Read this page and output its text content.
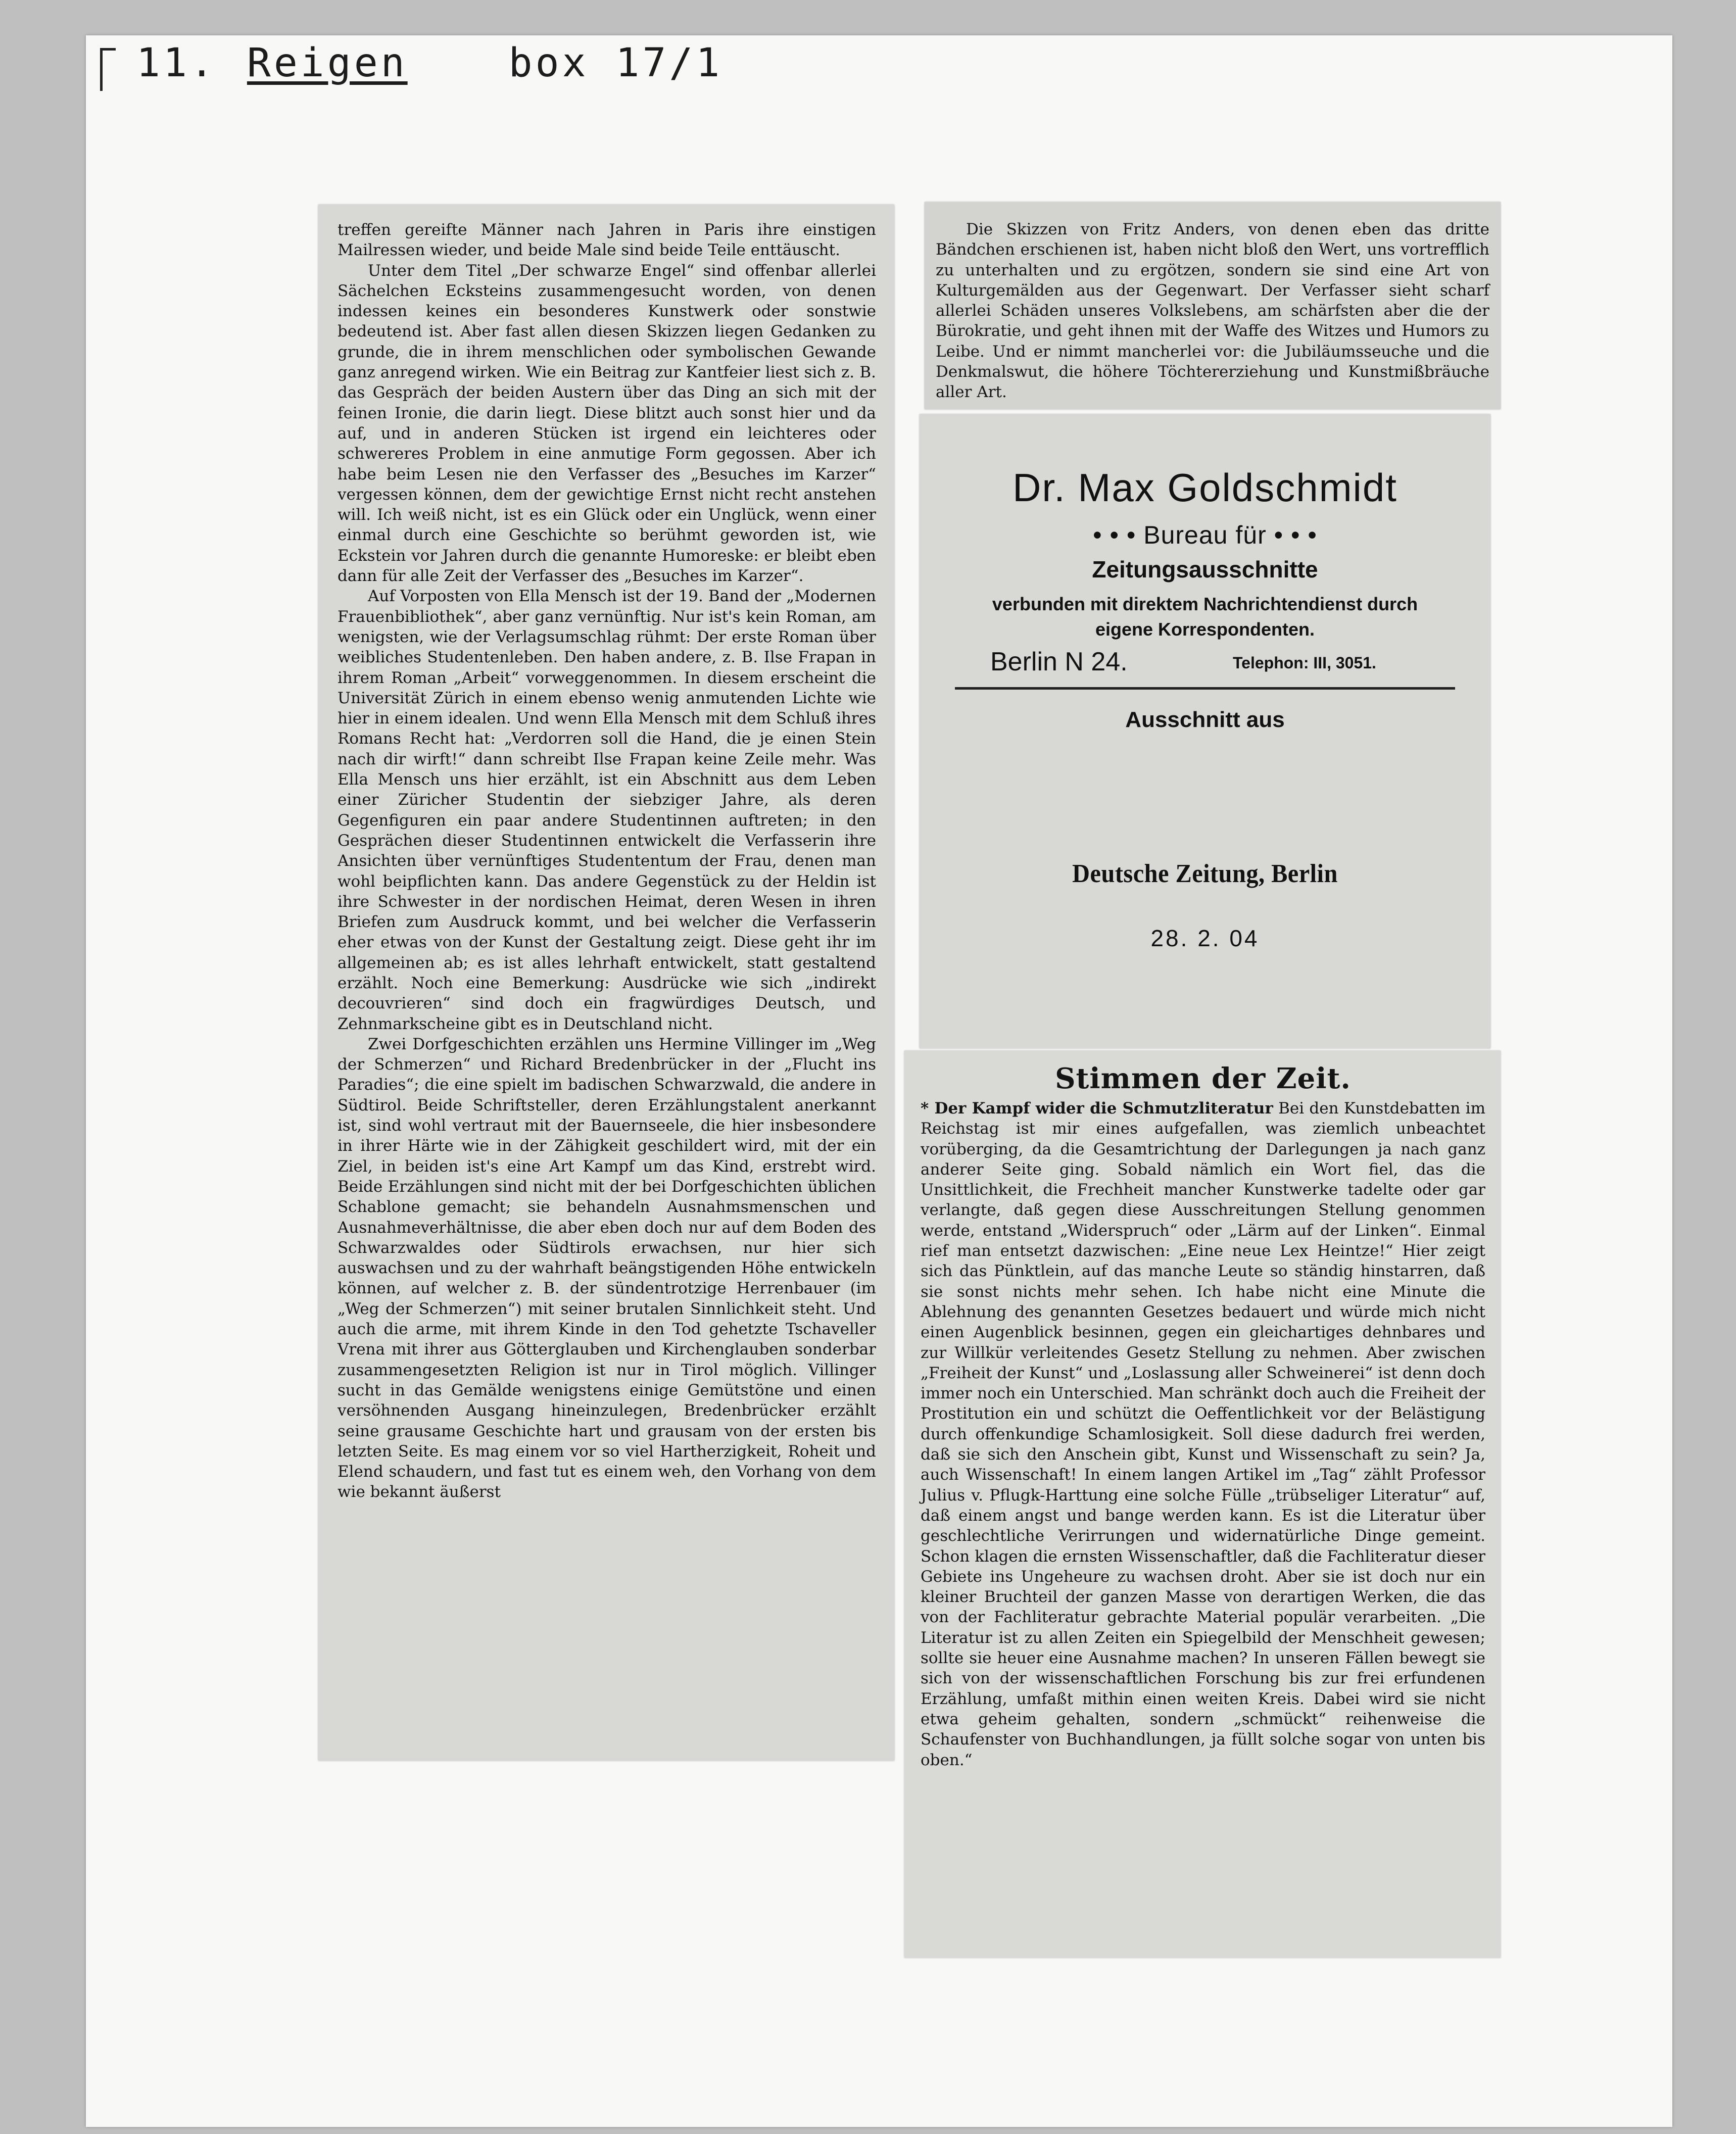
11. Reigen	box 17/1

treffen gereifte Männer nach Jahren in Paris ihre einstigen Mailressen wieder, und beide Male sind beide Teile enttäuscht.

Unter dem Titel „Der schwarze Engel“ sind offenbar allerlei Sächelchen Ecksteins zusammengesucht worden, von denen indessen keines ein besonderes Kunstwerk oder sonstwie bedeutend ist. Aber fast allen diesen Skizzen liegen Gedanken zu grunde, die in ihrem menschlichen oder symbolischen Gewande ganz anregend wirken. Wie ein Beitrag zur Kantfeier liest sich z. B. das Gespräch der beiden Austern über das Ding an sich mit der feinen Ironie, die darin liegt. Diese blitzt auch sonst hier und da auf, und in anderen Stücken ist irgend ein leichteres oder schwereres Problem in eine anmutige Form gegossen. Aber ich habe beim Lesen nie den Verfasser des „Besuches im Karzer“ vergessen können, dem der gewichtige Ernst nicht recht anstehen will. Ich weiß nicht, ist es ein Glück oder ein Unglück, wenn einer einmal durch eine Geschichte so berühmt geworden ist, wie Eckstein vor Jahren durch die genannte Humoreske: er bleibt eben dann für alle Zeit der Verfasser des „Besuches im Karzer“.

Auf Vorposten von Ella Mensch ist der 19. Band der „Modernen Frauenbibliothek“, aber ganz vernünftig. Nur ist's kein Roman, am wenigsten, wie der Verlagsumschlag rühmt: Der erste Roman über weibliches Studentenleben. Den haben andere, z. B. Ilse Frapan in ihrem Roman „Arbeit“ vorweggenommen. In diesem erscheint die Universität Zürich in einem ebenso wenig anmutenden Lichte wie hier in einem idealen. Und wenn Ella Mensch mit dem Schluß ihres Romans Recht hat: „Verdorren soll die Hand, die je einen Stein nach dir wirft!“ dann schreibt Ilse Frapan keine Zeile mehr. Was Ella Mensch uns hier erzählt, ist ein Abschnitt aus dem Leben einer Züricher Studentin der siebziger Jahre, als deren Gegenfiguren ein paar andere Studentinnen auftreten; in den Gesprächen dieser Studentinnen entwickelt die Verfasserin ihre Ansichten über vernünftiges Studententum der Frau, denen man wohl beipflichten kann. Das andere Gegenstück zu der Heldin ist ihre Schwester in der nordischen Heimat, deren Wesen in ihren Briefen zum Ausdruck kommt, und bei welcher die Verfasserin eher etwas von der Kunst der Gestaltung zeigt. Diese geht ihr im allgemeinen ab; es ist alles lehrhaft entwickelt, statt gestaltend erzählt. Noch eine Bemerkung: Ausdrücke wie sich „indirekt decouvrieren“ sind doch ein fragwürdiges Deutsch, und Zehnmarkscheine gibt es in Deutschland nicht.

Zwei Dorfgeschichten erzählen uns Hermine Villinger im „Weg der Schmerzen“ und Richard Bredenbrücker in der „Flucht ins Paradies“; die eine spielt im badischen Schwarzwald, die andere in Südtirol. Beide Schriftsteller, deren Erzählungstalent anerkannt ist, sind wohl vertraut mit der Bauernseele, die hier insbesondere in ihrer Härte wie in der Zähigkeit geschildert wird, mit der ein Ziel, in beiden ist's eine Art Kampf um das Kind, erstrebt wird. Beide Erzählungen sind nicht mit der bei Dorfgeschichten üblichen Schablone gemacht; sie behandeln Ausnahmsmenschen und Ausnahmeverhältnisse, die aber eben doch nur auf dem Boden des Schwarzwaldes oder Südtirols erwachsen, nur hier sich auswachsen und zu der wahrhaft beängstigenden Höhe entwickeln können, auf welcher z. B. der sündentrotzige Herrenbauer (im „Weg der Schmerzen“) mit seiner brutalen Sinnlichkeit steht. Und auch die arme, mit ihrem Kinde in den Tod gehetzte Tschaveller Vrena mit ihrer aus Götterglauben und Kirchenglauben sonderbar zusammengesetzten Religion ist nur in Tirol möglich. Villinger sucht in das Gemälde wenigstens einige Gemütstöne und einen versöhnenden Ausgang hineinzulegen, Bredenbrücker erzählt seine grausame Geschichte hart und grausam von der ersten bis letzten Seite. Es mag einem vor so viel Hartherzigkeit, Roheit und Elend schaudern, und fast tut es einem weh, den Vorhang von dem wie bekannt äußerst

Die Skizzen von Fritz Anders, von denen eben das dritte Bändchen erschienen ist, haben nicht bloß den Wert, uns vortrefflich zu unterhalten und zu ergötzen, sondern sie sind eine Art von Kulturgemälden aus der Gegenwart. Der Verfasser sieht scharf allerlei Schäden unseres Volkslebens, am schärfsten aber die der Bürokratie, und geht ihnen mit der Waffe des Witzes und Humors zu Leibe. Und er nimmt mancherlei vor: die Jubiläumsseuche und die Denkmalswut, die höhere Töchtererziehung und Kunstmißbräuche aller Art.

Dr. Max Goldschmidt
• • • Bureau für • • •
Zeitungsausschnitte
verbunden mit direktem Nachrichtendienst durch
eigene Korrespondenten.
Berlin N 24.	Telephon: III, 3051.
Ausschnitt aus
Deutsche Zeitung, Berlin
28. 2. 04
Stimmen der Zeit.

* Der Kampf wider die Schmutzliteratur Bei den Kunstdebatten im Reichstag ist mir eines aufgefallen, was ziemlich unbeachtet vorüberging, da die Gesamtrichtung der Darlegungen ja nach ganz anderer Seite ging. Sobald nämlich ein Wort fiel, das die Unsittlichkeit, die Frechheit mancher Kunstwerke tadelte oder gar verlangte, daß gegen diese Ausschreitungen Stellung genommen werde, entstand „Widerspruch“ oder „Lärm auf der Linken“. Einmal rief man entsetzt dazwischen: „Eine neue Lex Heintze!“ Hier zeigt sich das Pünktlein, auf das manche Leute so ständig hinstarren, daß sie sonst nichts mehr sehen. Ich habe nicht eine Minute die Ablehnung des genannten Gesetzes bedauert und würde mich nicht einen Augenblick besinnen, gegen ein gleichartiges dehnbares und zur Willkür verleitendes Gesetz Stellung zu nehmen. Aber zwischen „Freiheit der Kunst“ und „Loslassung aller Schweinerei“ ist denn doch immer noch ein Unterschied. Man schränkt doch auch die Freiheit der Prostitution ein und schützt die Oeffentlichkeit vor der Belästigung durch offenkundige Schamlosigkeit. Soll diese dadurch frei werden, daß sie sich den Anschein gibt, Kunst und Wissenschaft zu sein? Ja, auch Wissenschaft! In einem langen Artikel im „Tag“ zählt Professor Julius v. Pflugk-Harttung eine solche Fülle „trübseliger Literatur“ auf, daß einem angst und bange werden kann. Es ist die Literatur über geschlechtliche Verirrungen und widernatürliche Dinge gemeint. Schon klagen die ernsten Wissenschaftler, daß die Fachliteratur dieser Gebiete ins Ungeheure zu wachsen droht. Aber sie ist doch nur ein kleiner Bruchteil der ganzen Masse von derartigen Werken, die das von der Fachliteratur gebrachte Material populär verarbeiten. „Die Literatur ist zu allen Zeiten ein Spiegelbild der Menschheit gewesen; sollte sie heuer eine Ausnahme machen? In unseren Fällen bewegt sie sich von der wissenschaftlichen Forschung bis zur frei erfundenen Erzählung, umfaßt mithin einen weiten Kreis. Dabei wird sie nicht etwa geheim gehalten, sondern „schmückt“ reihenweise die Schaufenster von Buchhandlungen, ja füllt solche sogar von unten bis oben.“
